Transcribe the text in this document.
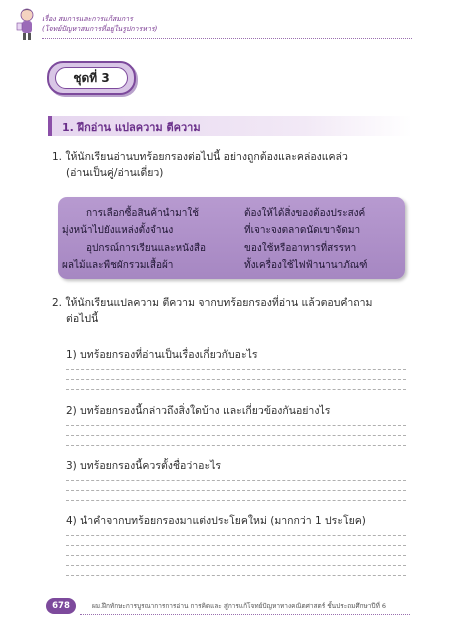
เรื่อง สมการและการแก้สมการ
(โจทย์ปัญหาสมการที่อยู่ในรูปการหาร)
ชุดที่ 3
1. ฝึกอ่าน แปลความ ตีความ
1. ให้นักเรียนอ่านบทร้อยกรองต่อไปนี้ อย่างถูกต้องและคล่องแคล่ว
(อ่านเป็นคู่/อ่านเดี่ยว)
การเลือกซื้อสินค้านำมาใช้
มุ่งหน้าไปยังแหล่งตั้งจำนง
อุปกรณ์การเรียนและหนังสือ
ผลไม้และพืชผักรวมเสื้อผ้า
ต้องให้ได้สิ่งของต้องประสงค์
ที่เจาะจงตลาดนัดเขาจัดมา
ของใช้หรืออาหารที่สรรหา
ทั้งเครื่องใช้ไฟฟ้านานาภัณฑ์
2. ให้นักเรียนแปลความ ตีความ จากบทร้อยกรองที่อ่าน แล้วตอบคำถาม
ต่อไปนี้
1) บทร้อยกรองที่อ่านเป็นเรื่องเกี่ยวกับอะไร
2) บทร้อยกรองนี้กล่าวถึงสิ่งใดบ้าง และเกี่ยวข้องกันอย่างไร
3) บทร้อยกรองนี้ควรตั้งชื่อว่าอะไร
4) นำคำจากบทร้อยกรองมาแต่งประโยคใหม่ (มากกว่า 1 ประโยค)
678	ผม.ฝึกทักษะการบูรณาการการอ่าน การคิดและ สู่การแก้โจทย์ปัญหาทางคณิตศาสตร์ ชั้นประถมศึกษาปีที่ 6
